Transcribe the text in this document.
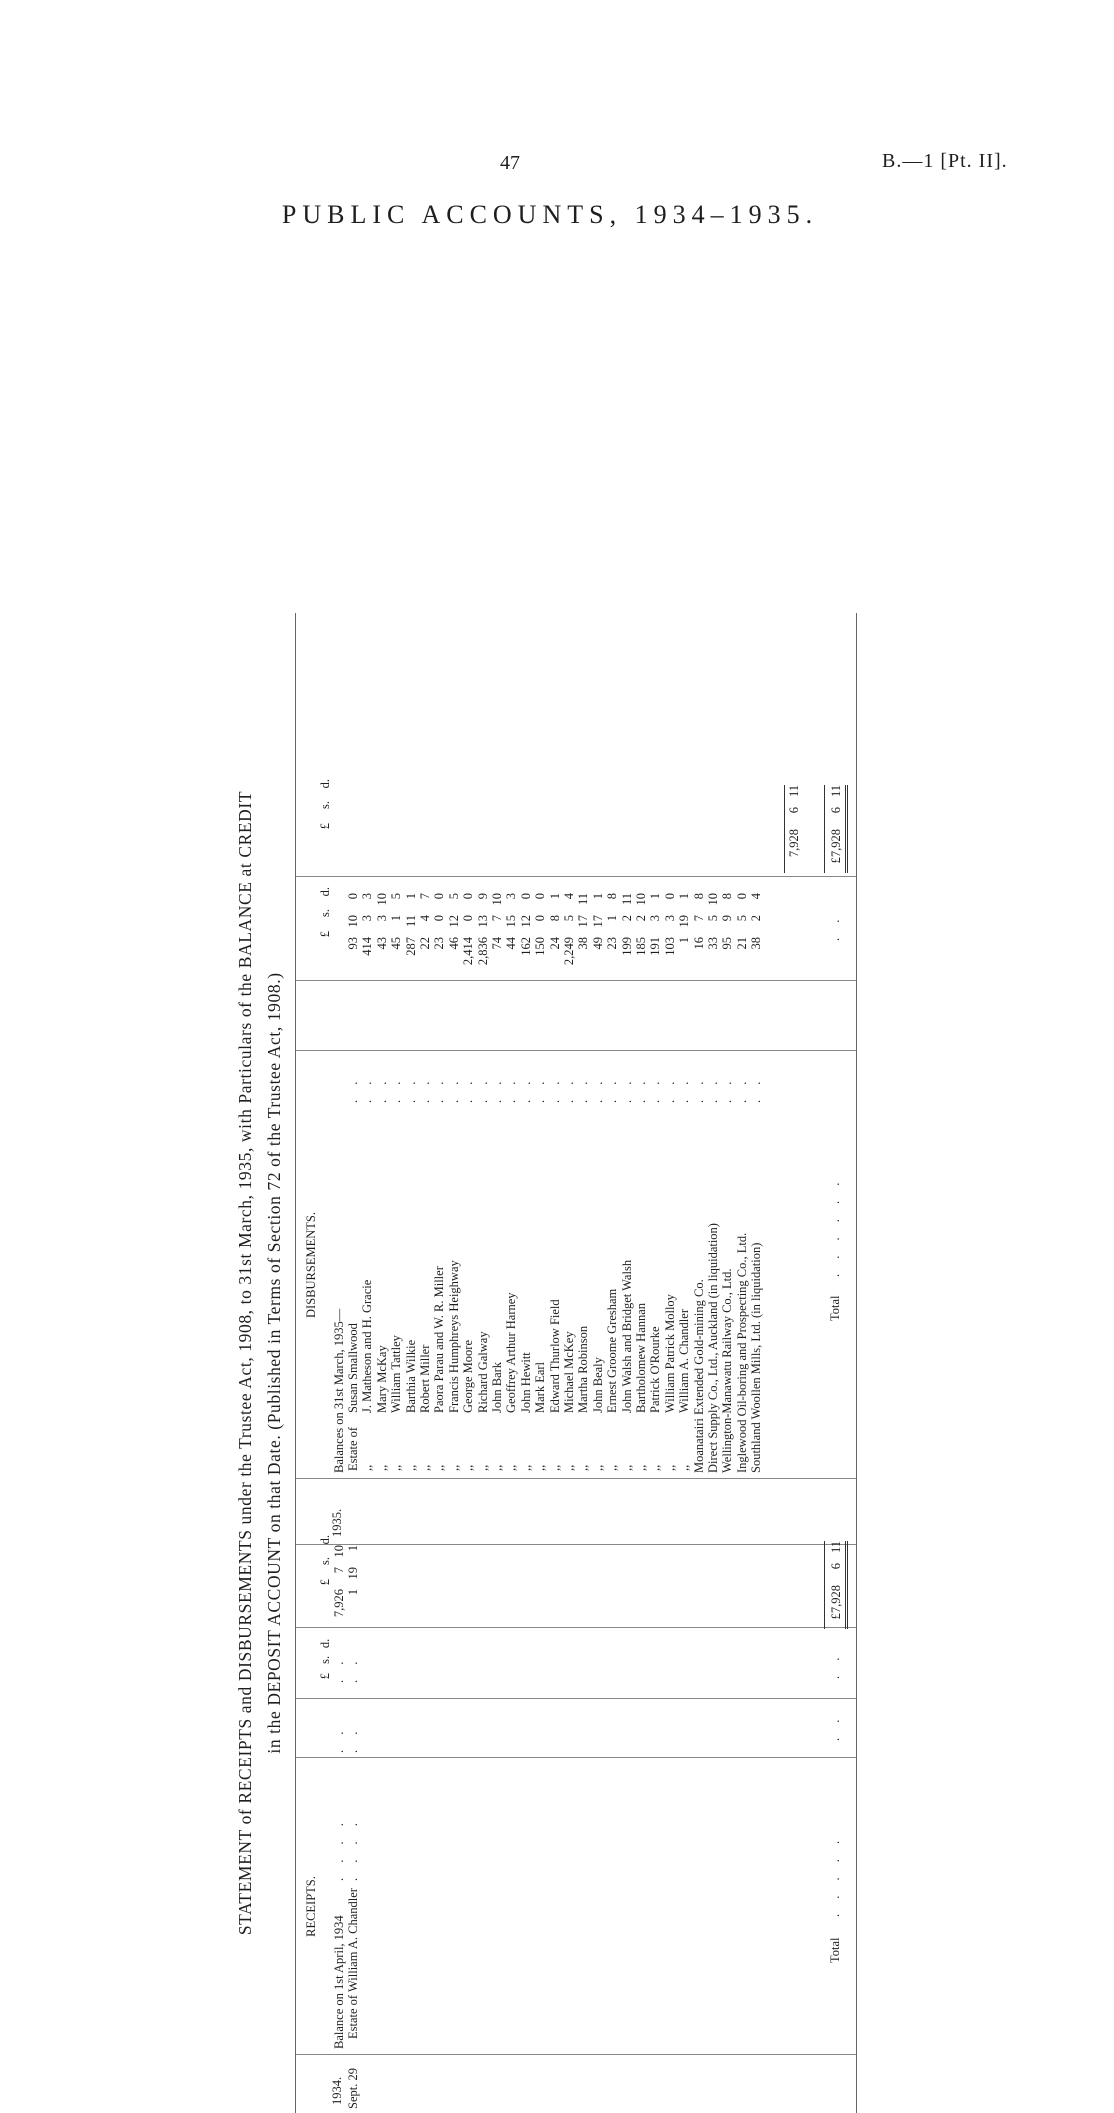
47	B.—1 [Pt. II].
PUBLIC ACCOUNTS, 1934–1935.
STATEMENT of RECEIPTS and DISBURSEMENTS under the Trustee Act, 1908, to 31st March, 1935, with Particulars of the BALANCE at CREDIT in the DEPOSIT ACCOUNT on that Date. (Published in Terms of Section 72 of the Trustee Act, 1908.)
1934.
RECEIPTS.
Sept. 29
Balance on 1st April, 1934
. . . .
Estate of William A. Chandler
. . . .
. . . .
£ s. d.
. . . .
£s.d.
7,926710
1191
Total
. . . . .
. .
. .
£7,928611
1935.
DISBURSEMENTS.
Balances on 31st March, 1935—
£s.d.
£s.d.
Estate of
Susan Smallwood
. .
93100
,,
J. Matheson and H. Gracie
. .
41433
,,
Mary McKay
. .
43310
,,
William Tattley
. .
4515
,,
Barthia Wilkie
. .
287111
,,
Robert Miller
. .
2247
,,
Paora Parau and W. R. Miller
. .
2300
,,
Francis Humphreys Heighway
. .
46125
,,
George Moore
. .
2,41400
,,
Richard Galway
. .
2,836139
,,
John Bark
. .
74710
,,
Geoffrey Arthur Harney
. .
44153
,,
John Hewitt
. .
162120
,,
Mark Earl
. .
15000
,,
Edward Thurlow Field
. .
2481
,,
Michael McKey
. .
2,24954
,,
Martha Robinson
. .
381711
,,
John Bealy
. .
49171
,,
Ernest Groome Gresham
. .
2318
,,
John Walsh and Bridget Walsh
. .
199211
,,
Bartholomew Hannan
. .
185210
,,
Patrick O'Rourke
. .
19131
,,
William Patrick Molloy
. .
10330
,,
William A. Chandler
. .
1191
Moanatairi Extended Gold-mining Co.
. .
1678
Direct Supply Co., Ltd., Auckland (in liquidation)
. .
33510
Wellington-Manawatu Railway Co., Ltd.
. .
9598
Inglewood Oil-boring and Prospecting Co., Ltd.
. .
2150
Southland Woollen Mills, Ltd. (in liquidation)
. .
3824
7,928611
Total
. . . . . .
. .
£7,928611
